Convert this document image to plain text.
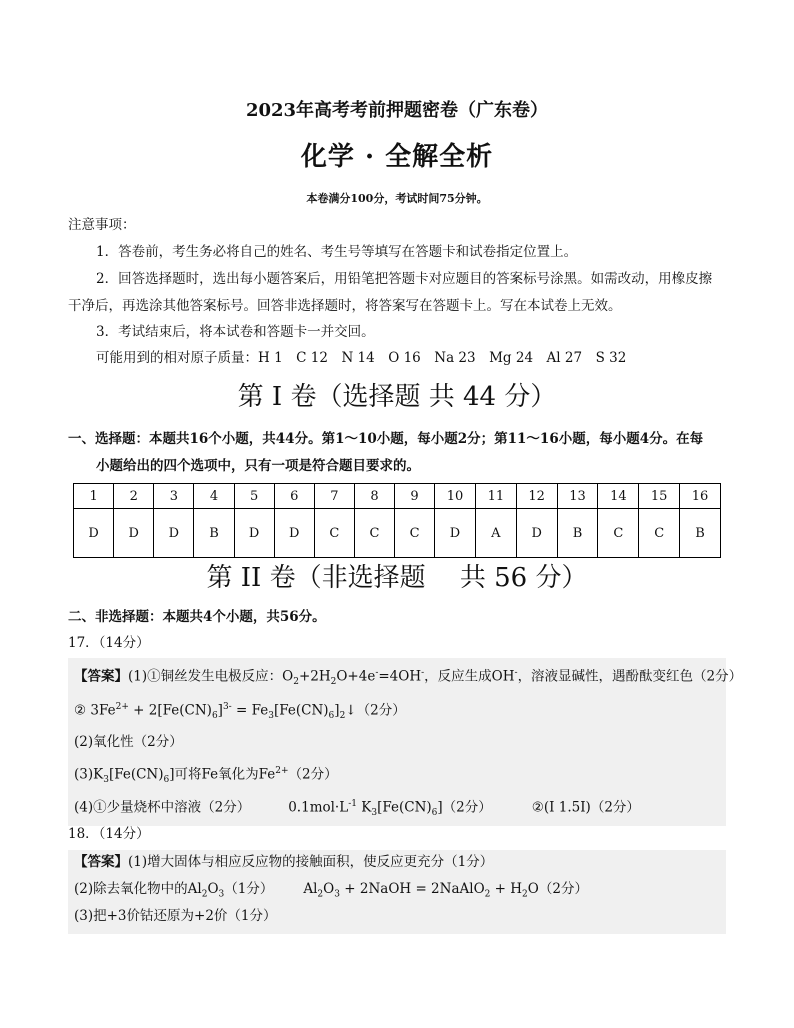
2023年高考考前押题密卷（广东卷）
化学 · 全解全析
本卷满分100分，考试时间75分钟。
注意事项：
1．答卷前，考生务必将自己的姓名、考生号等填写在答题卡和试卷指定位置上。
2．回答选择题时，选出每小题答案后，用铅笔把答题卡对应题目的答案标号涂黑。如需改动，用橡皮擦
干净后，再选涂其他答案标号。回答非选择题时，将答案写在答题卡上。写在本试卷上无效。
3．考试结束后，将本试卷和答题卡一并交回。
可能用到的相对原子质量：H 1　C 12　N 14　O 16　Na 23　Mg 24　Al 27　S 32
第 I 卷（选择题 共 44 分）
一、选择题：本题共16个小题，共44分。第1～10小题，每小题2分；第11～16小题，每小题4分。在每
小题给出的四个选项中，只有一项是符合题目要求的。
1	2	3	4	5	6	7	8	9	10	11	12	13	14	15	16
D	D	D	B	D	D	C	C	C	D	A	D	B	C	C	B
第 II 卷（非选择题　 共 56 分）
二、非选择题：本题共4个小题，共56分。
17．（14分）
【答案】(1)①铜丝发生电极反应：$O_2+2H_2O+4e^-=4OH^-$，反应生成OH-，溶液显碱性，遇酚酞变红色（2分）
② $3Fe^{2+} + 2[Fe(CN)_6]^{3-}$ = $Fe_3[Fe(CN)_6]_2↓(2$分）
(2)氧化性（2分）
$(3)K_3[Fe(CN)_6]$可将Fe氧化为$Fe^{2+}(2$分）
(4)①少量烧杯中溶液（2分）	$0.1mol\cdot L^{-1}$ $K_3[Fe(CN)_6](2$分）	②(I 1.5I)（2分）
18．（14分）
【答案】(1)增大固体与相应反应物的接触面积，使反应更充分（1分）
(2)除去氧化物中的$Al_2O_3(1$分） $Al_2O_3$ + 2NaOH = 2NaAlO$_2$ + $H_2O(2$分）
(3)把+3价钴还原为+2价（1分）
